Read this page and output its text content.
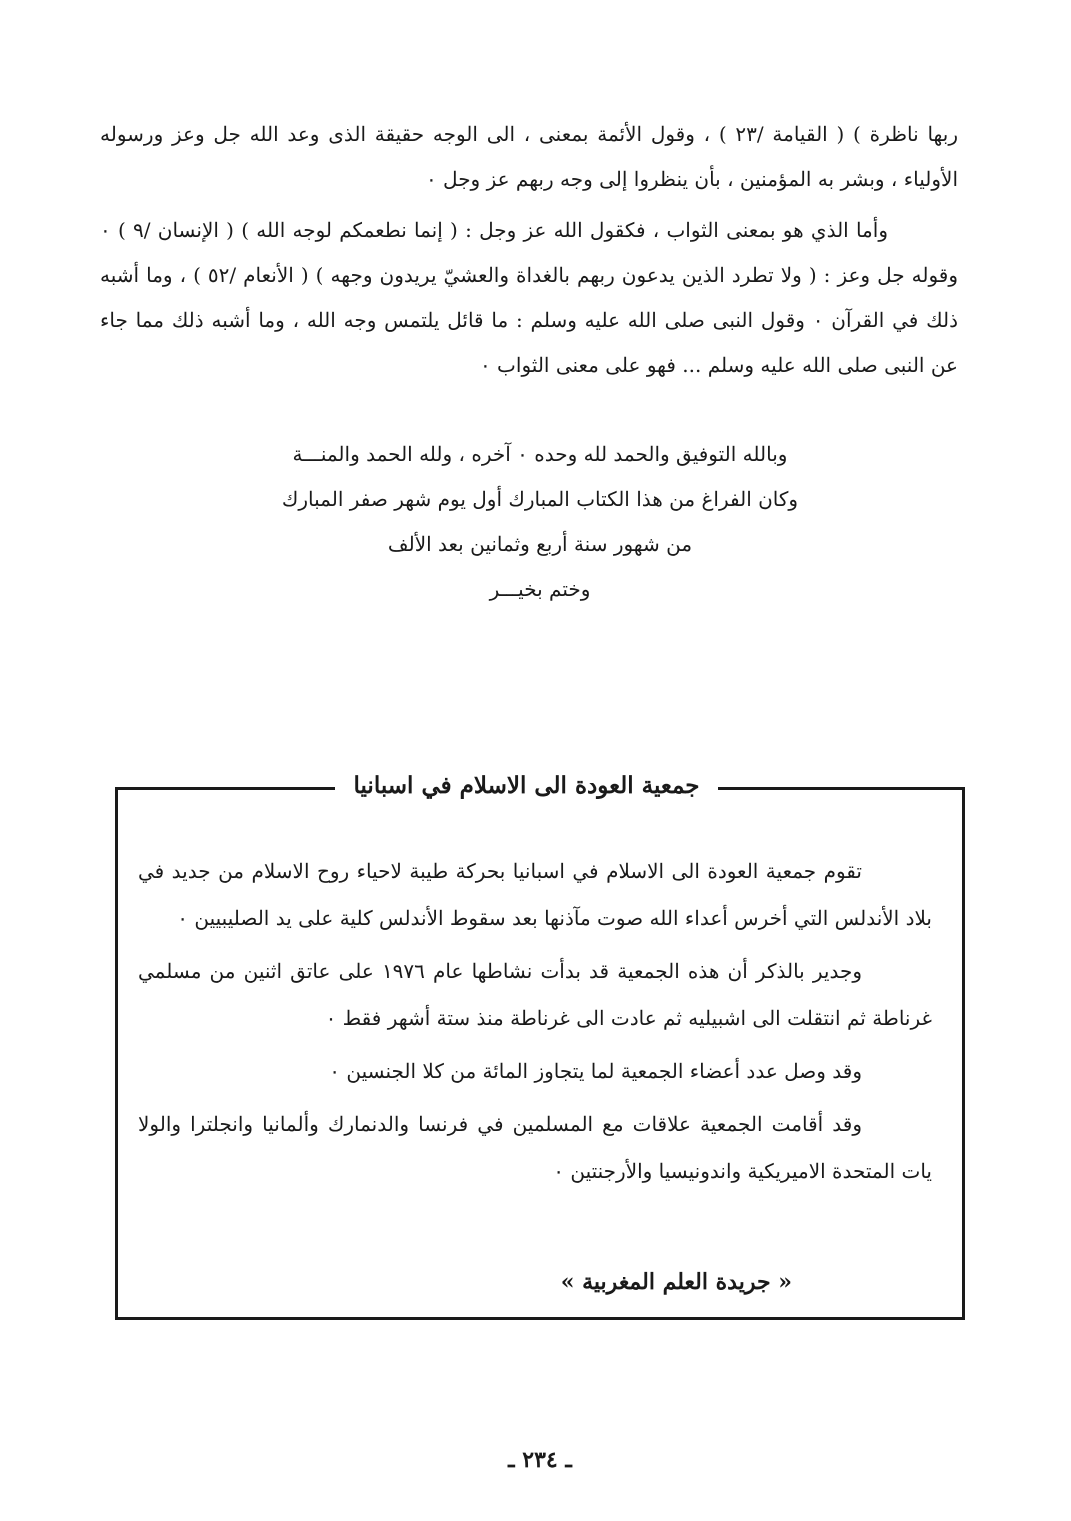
ربها ناظرة ) ( القيامة /٢٣ ) ، وقول الأئمة بمعنى ، الى الوجه حقيقة الذى وعد الله جل وعز ورسوله الأولياء ، وبشر به المؤمنين ، بأن ينظروا إلى وجه ربهم عز وجل ٠

وأما الذي هو بمعنى الثواب ، فكقول الله عز وجل : ( إنما نطعمكم لوجه الله ) ( الإنسان /٩ ) ٠ وقوله جل وعز : ( ولا تطرد الذين يدعون ربهم بالغداة والعشيّ يريدون وجهه ) ( الأنعام /٥٢ ) ، وما أشبه ذلك في القرآن ٠ وقول النبى صلى الله عليه وسلم : ما قائل يلتمس وجه الله ، وما أشبه ذلك مما جاء عن النبى صلى الله عليه وسلم ... فهو على معنى الثواب ٠

وبالله التوفيق والحمد لله وحده ٠ آخره ، ولله الحمد والمنـــة
وكان الفراغ من هذا الكتاب المبارك أول يوم شهر صفر المبارك
من شهور سنة أربع وثمانين بعد الألف
وختم بخيـــر
جمعية العودة الى الاسلام في اسبانيا

تقوم جمعية العودة الى الاسلام في اسبانيا بحركة طيبة لاحياء روح الاسلام من جديد في بلاد الأندلس التي أخرس أعداء الله صوت مآذنها بعد سقوط الأندلس كلية على يد الصليبيين ٠

وجدير بالذكر أن هذه الجمعية قد بدأت نشاطها عام ١٩٧٦ على عاتق اثنين من مسلمي غرناطة ثم انتقلت الى اشبيليه ثم عادت الى غرناطة منذ ستة أشهر فقط ٠

وقد وصل عدد أعضاء الجمعية لما يتجاوز المائة من كلا الجنسين ٠

وقد أقامت الجمعية علاقات مع المسلمين في فرنسا والدنمارك وألمانيا وانجلترا والولا يات المتحدة الاميريكية واندونيسيا والأرجنتين ٠

« جريدة العلم المغربية »
ـ ٢٣٤ ـ
